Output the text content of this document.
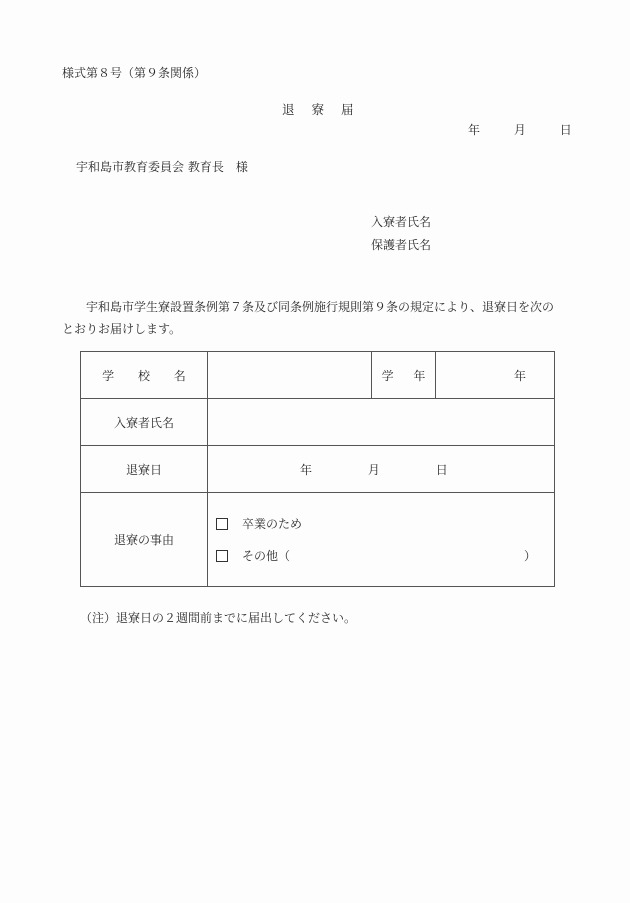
様式第８号（第９条関係）
退寮届
年	月	日
宇和島市教育委員会 教育長　様
入寮者氏名
保護者氏名
宇和島市学生寮設置条例第７条及び同条例施行規則第９条の規定により、退寮日を次のとおりお届けします。
学 校 名		学 年	年
入寮者氏名			
退寮日	年 月 日		
退寮の事由	卒業のため
その他（ ）		
（注）退寮日の２週間前までに届出してください。
